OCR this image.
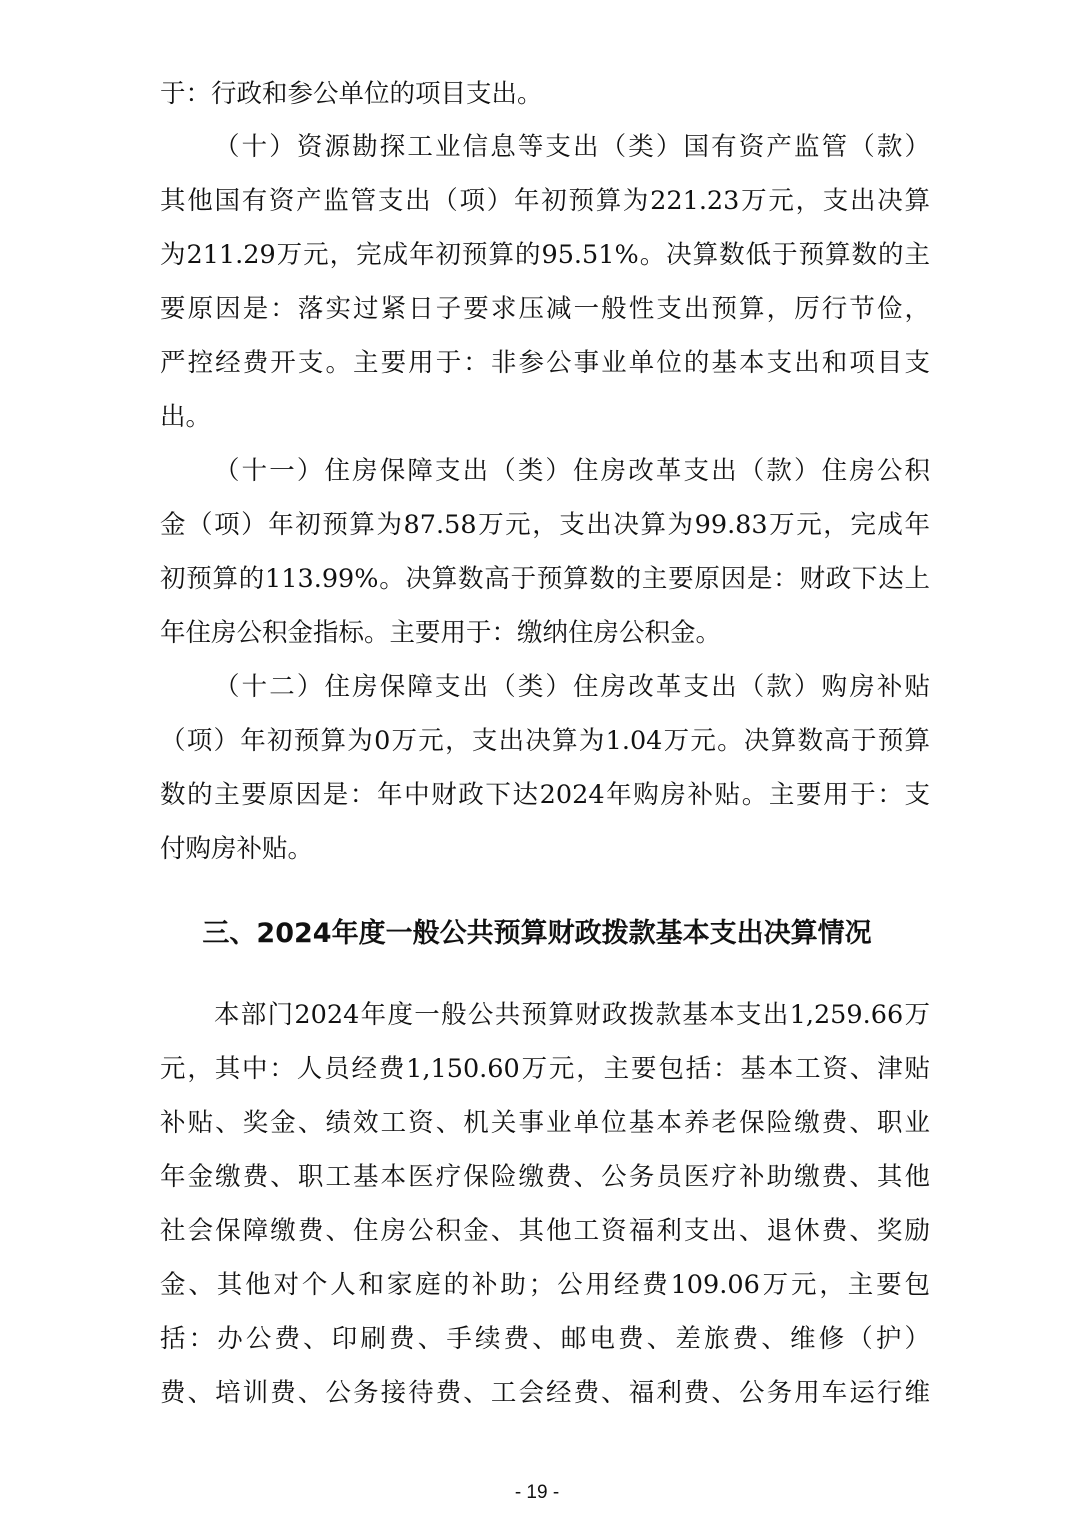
于：行政和参公单位的项目支出。
（十）资源勘探工业信息等支出（类）国有资产监管（款）
其他国有资产监管支出（项）年初预算为221.23万元，支出决算
为211.29万元，完成年初预算的95.51%。决算数低于预算数的主
要原因是：落实过紧日子要求压减一般性支出预算，厉行节俭，
严控经费开支。主要用于：非参公事业单位的基本支出和项目支
出。
（十一）住房保障支出（类）住房改革支出（款）住房公积
金（项）年初预算为87.58万元，支出决算为99.83万元，完成年
初预算的113.99%。决算数高于预算数的主要原因是：财政下达上
年住房公积金指标。主要用于：缴纳住房公积金。
（十二）住房保障支出（类）住房改革支出（款）购房补贴
（项）年初预算为0万元，支出决算为1.04万元。决算数高于预算
数的主要原因是：年中财政下达2024年购房补贴。主要用于：支
付购房补贴。
三、2024年度一般公共预算财政拨款基本支出决算情况
本部门2024年度一般公共预算财政拨款基本支出1,259.66万
元，其中：人员经费1,150.60万元，主要包括：基本工资、津贴
补贴、奖金、绩效工资、机关事业单位基本养老保险缴费、职业
年金缴费、职工基本医疗保险缴费、公务员医疗补助缴费、其他
社会保障缴费、住房公积金、其他工资福利支出、退休费、奖励
金、其他对个人和家庭的补助；公用经费109.06万元，主要包
括：办公费、印刷费、手续费、邮电费、差旅费、维修（护）
费、培训费、公务接待费、工会经费、福利费、公务用车运行维
- 19 -
